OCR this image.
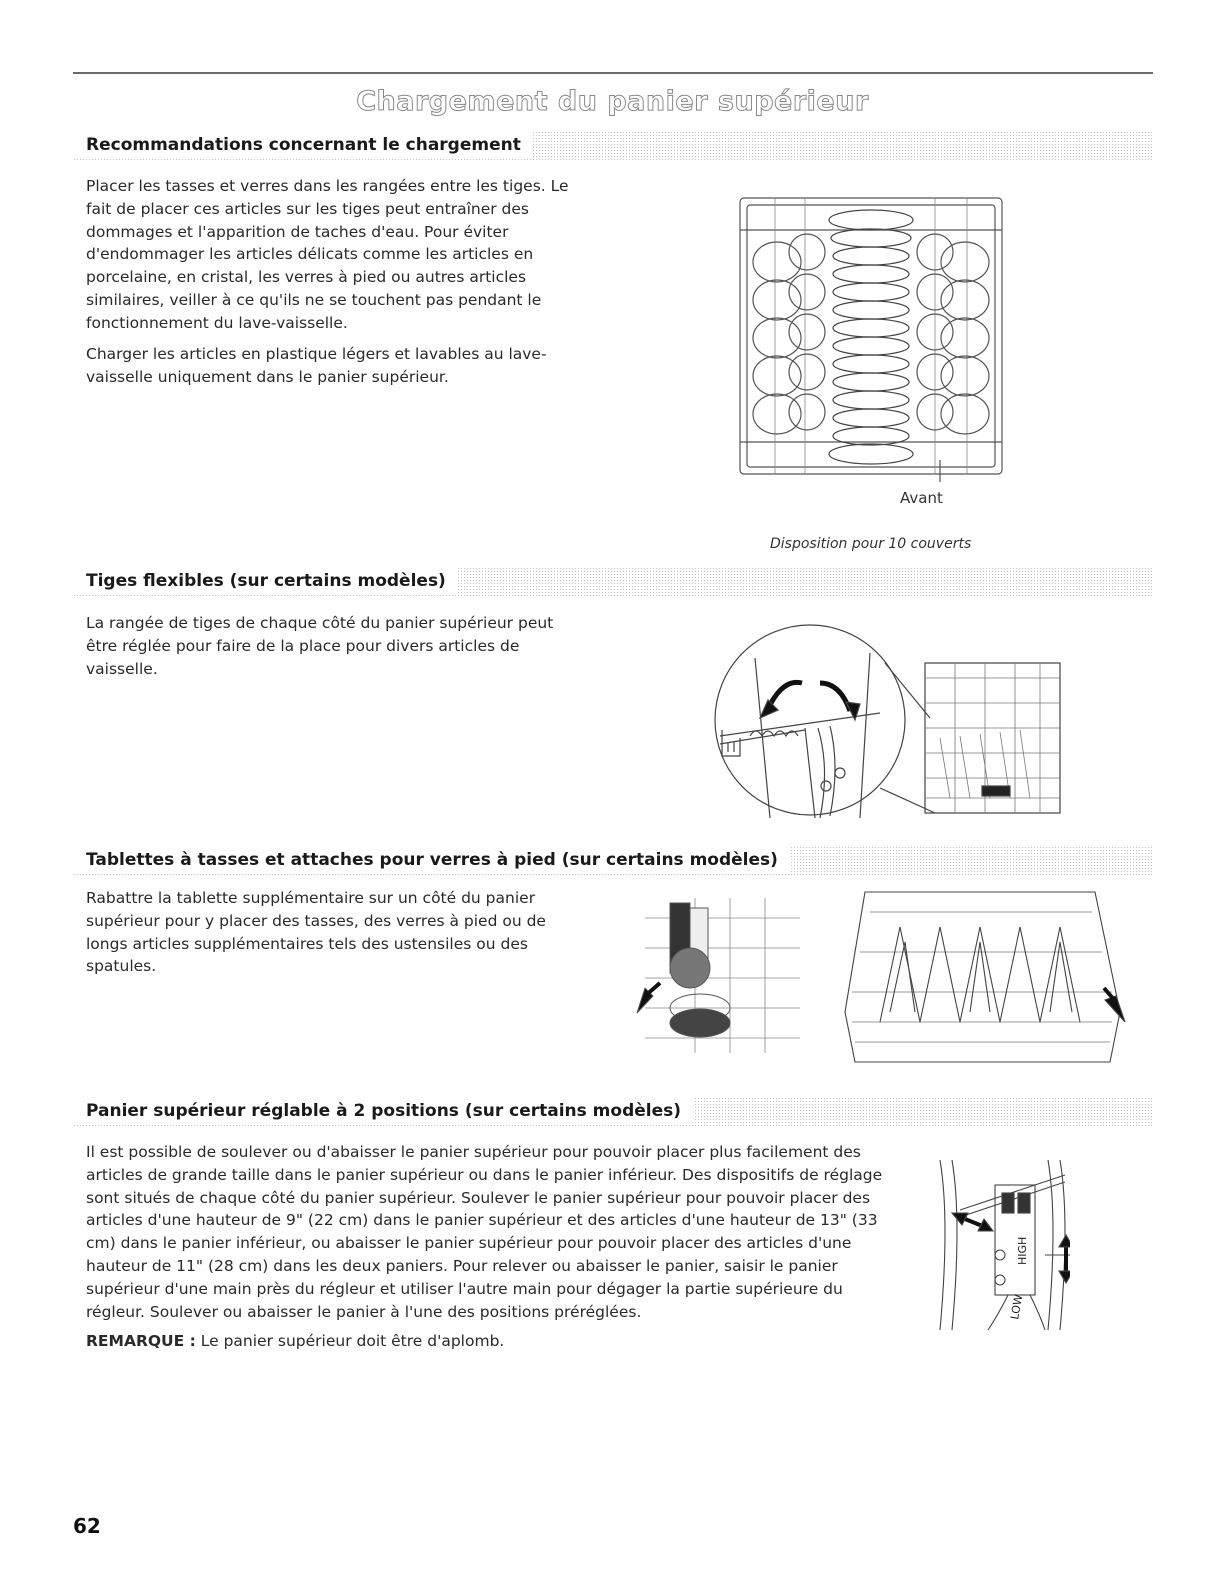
Chargement du panier supérieur
Recommandations concernant le chargement

Placer les tasses et verres dans les rangées entre les tiges. Le fait de placer ces articles sur les tiges peut entraîner des dommages et l'apparition de taches d'eau. Pour éviter d'endommager les articles délicats comme les articles en porcelaine, en cristal, les verres à pied ou autres articles similaires, veiller à ce qu'ils ne se touchent pas pendant le fonctionnement du lave-vaisselle.

Charger les articles en plastique légers et lavables au lave-vaisselle uniquement dans le panier supérieur.

Avant
Disposition pour 10 couverts
Tiges flexibles (sur certains modèles)

La rangée de tiges de chaque côté du panier supérieur peut être réglée pour faire de la place pour divers articles de vaisselle.

Tablettes à tasses et attaches pour verres à pied (sur certains modèles)

Rabattre la tablette supplémentaire sur un côté du panier supérieur pour y placer des tasses, des verres à pied ou de longs articles supplémentaires tels des ustensiles ou des spatules.

Panier supérieur réglable à 2 positions (sur certains modèles)

Il est possible de soulever ou d'abaisser le panier supérieur pour pouvoir placer plus facilement des articles de grande taille dans le panier supérieur ou dans le panier inférieur. Des dispositifs de réglage sont situés de chaque côté du panier supérieur. Soulever le panier supérieur pour pouvoir placer des articles d'une hauteur de 9" (22 cm) dans le panier supérieur et des articles d'une hauteur de 13" (33 cm) dans le panier inférieur, ou abaisser le panier supérieur pour pouvoir placer des articles d'une hauteur de 11" (28 cm) dans les deux paniers. Pour relever ou abaisser le panier, saisir le panier supérieur d'une main près du régleur et utiliser l'autre main pour dégager la partie supérieure du régleur. Soulever ou abaisser le panier à l'une des positions préréglées.

REMARQUE : Le panier supérieur doit être d'aplomb.

HIGH
LOW
62
